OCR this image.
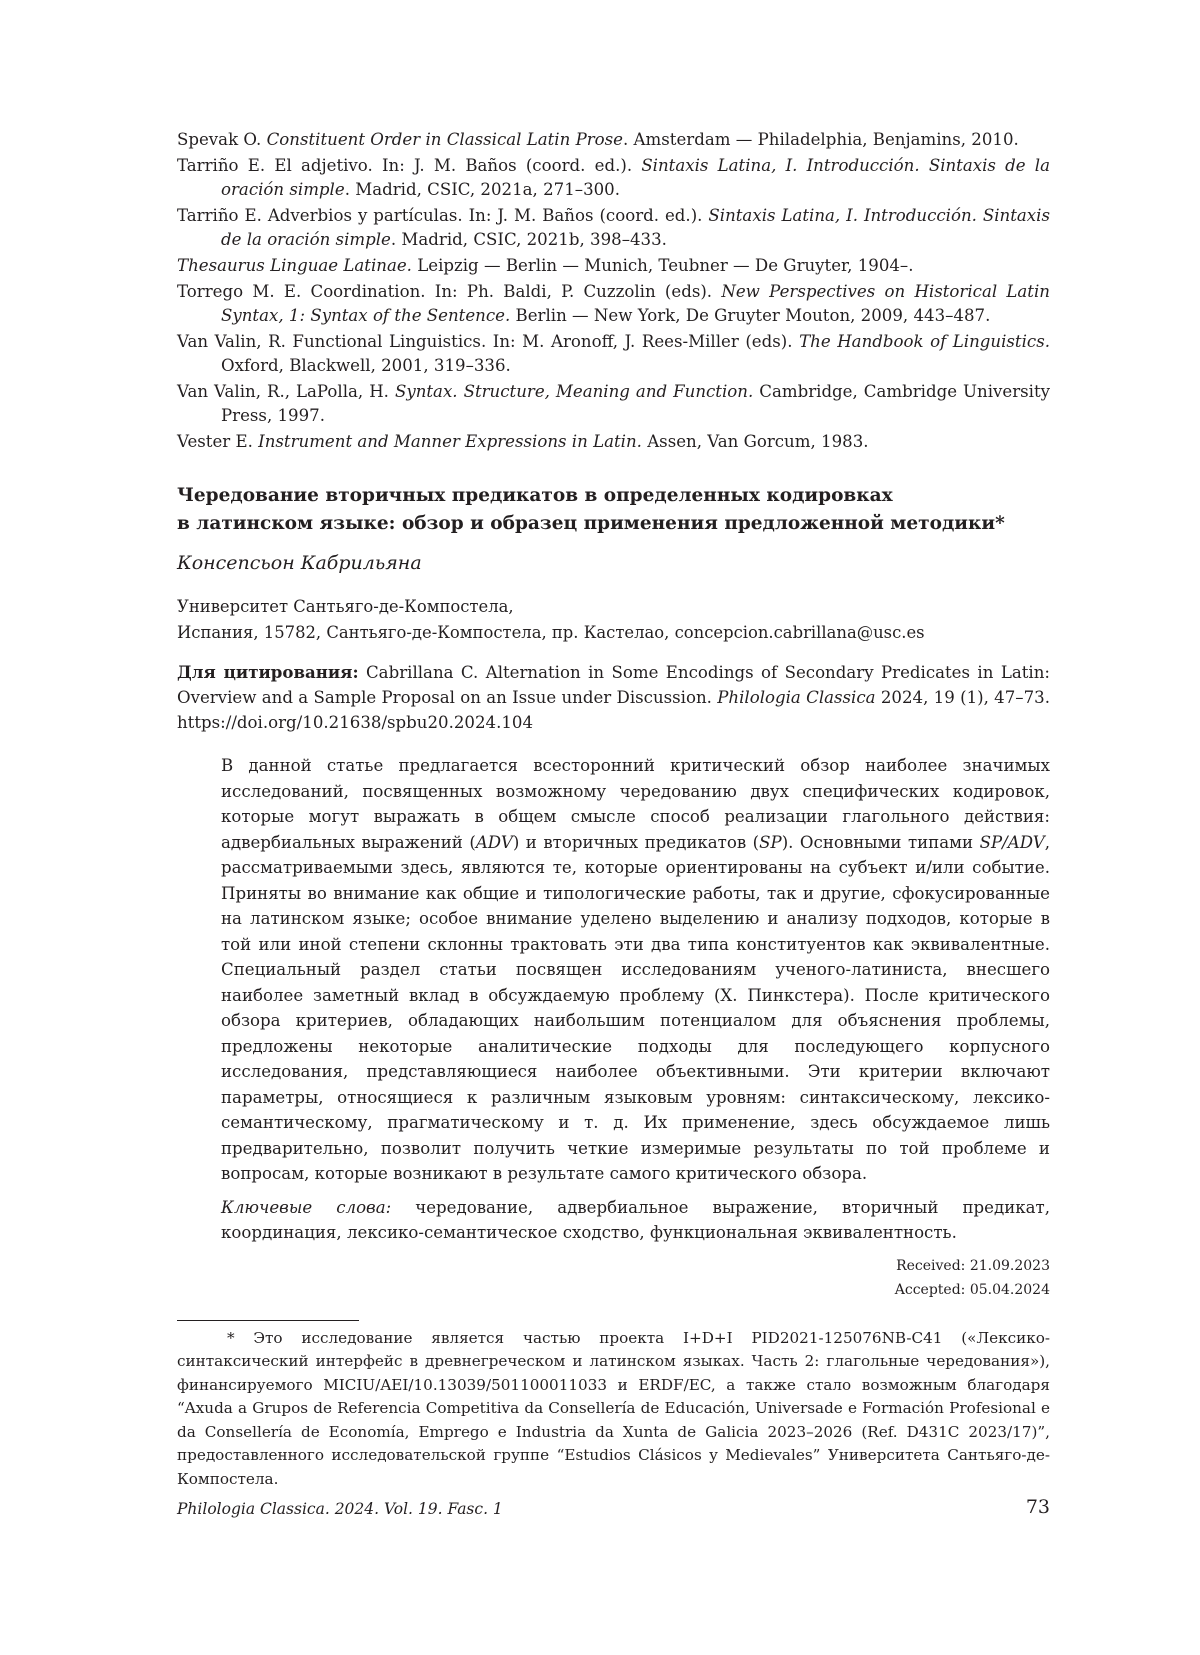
Spevak O. Constituent Order in Classical Latin Prose. Amsterdam — Philadelphia, Benjamins, 2010.
Tarriño E. El adjetivo. In: J. M. Baños (coord. ed.). Sintaxis Latina, I. Introducción. Sintaxis de la oración simple. Madrid, CSIC, 2021a, 271–300.
Tarriño E. Adverbios y partículas. In: J. M. Baños (coord. ed.). Sintaxis Latina, I. Introducción. Sintaxis de la oración simple. Madrid, CSIC, 2021b, 398–433.
Thesaurus Linguae Latinae. Leipzig — Berlin — Munich, Teubner — De Gruyter, 1904–.
Torrego M. E. Coordination. In: Ph. Baldi, P. Cuzzolin (eds). New Perspectives on Historical Latin Syntax, 1: Syntax of the Sentence. Berlin — New York, De Gruyter Mouton, 2009, 443–487.
Van Valin, R. Functional Linguistics. In: M. Aronoff, J. Rees-Miller (eds). The Handbook of Linguistics. Oxford, Blackwell, 2001, 319–336.
Van Valin, R., LaPolla, H. Syntax. Structure, Meaning and Function. Cambridge, Cambridge University Press, 1997.
Vester E. Instrument and Manner Expressions in Latin. Assen, Van Gorcum, 1983.
Чередование вторичных предикатов в определенных кодировках
в латинском языке: обзор и образец применения предложенной методики*
Консепсьон Кабрильяна
Университет Сантьяго-де-Компостела,
Испания, 15782, Сантьяго-де-Компостела, пр. Кастелао, concepcion.cabrillana@usc.es
Для цитирования: Cabrillana C. Alternation in Some Encodings of Secondary Predicates in Latin: Overview and a Sample Proposal on an Issue under Discussion. Philologia Classica 2024, 19 (1), 47–73. https://doi.org/10.21638/spbu20.2024.104
В данной статье предлагается всесторонний критический обзор наиболее значимых исследований, посвященных возможному чередованию двух специфических кодировок, которые могут выражать в общем смысле способ реализации глагольного действия: адвербиальных выражений (ADV) и вторичных предикатов (SP). Основными типами SP/ADV, рассматриваемыми здесь, являются те, которые ориентированы на субъект и/или событие. Приняты во внимание как общие и типологические работы, так и другие, сфокусированные на латинском языке; особое внимание уделено выделению и анализу подходов, которые в той или иной степени склонны трактовать эти два типа конституентов как эквивалентные. Специальный раздел статьи посвящен исследованиям ученого-латиниста, внесшего наиболее заметный вклад в обсуждаемую проблему (Х. Пинкстера). После критического обзора критериев, обладающих наибольшим потенциалом для объяснения проблемы, предложены некоторые аналитические подходы для последующего корпусного исследования, представляющиеся наиболее объективными. Эти критерии включают параметры, относящиеся к различным языковым уровням: синтаксическому, лексико-семантическому, прагматическому и т. д. Их применение, здесь обсуждаемое лишь предварительно, позволит получить четкие измеримые результаты по той проблеме и вопросам, которые возникают в результате самого критического обзора.
Ключевые слова: чередование, адвербиальное выражение, вторичный предикат, координация, лексико-семантическое сходство, функциональная эквивалентность.
Received: 21.09.2023
Accepted: 05.04.2024
* Это исследование является частью проекта I+D+I PID2021-125076NB-C41 («Лексико-синтаксический интерфейс в древнегреческом и латинском языках. Часть 2: глагольные чередования»), финансируемого MICIU/AEI/10.13039/501100011033 и ERDF/EC, а также стало возможным благодаря “Axuda a Grupos de Referencia Competitiva da Consellería de Educación, Universade e Formación Profesional e da Consellería de Economía, Emprego e Industria da Xunta de Galicia 2023–2026 (Ref. D431C 2023/17)”, предоставленного исследовательской группе “Estudios Clásicos y Medievales” Университета Сантьяго-де-Компостела.
Philologia Classica. 2024. Vol. 19. Fasc. 1	73
